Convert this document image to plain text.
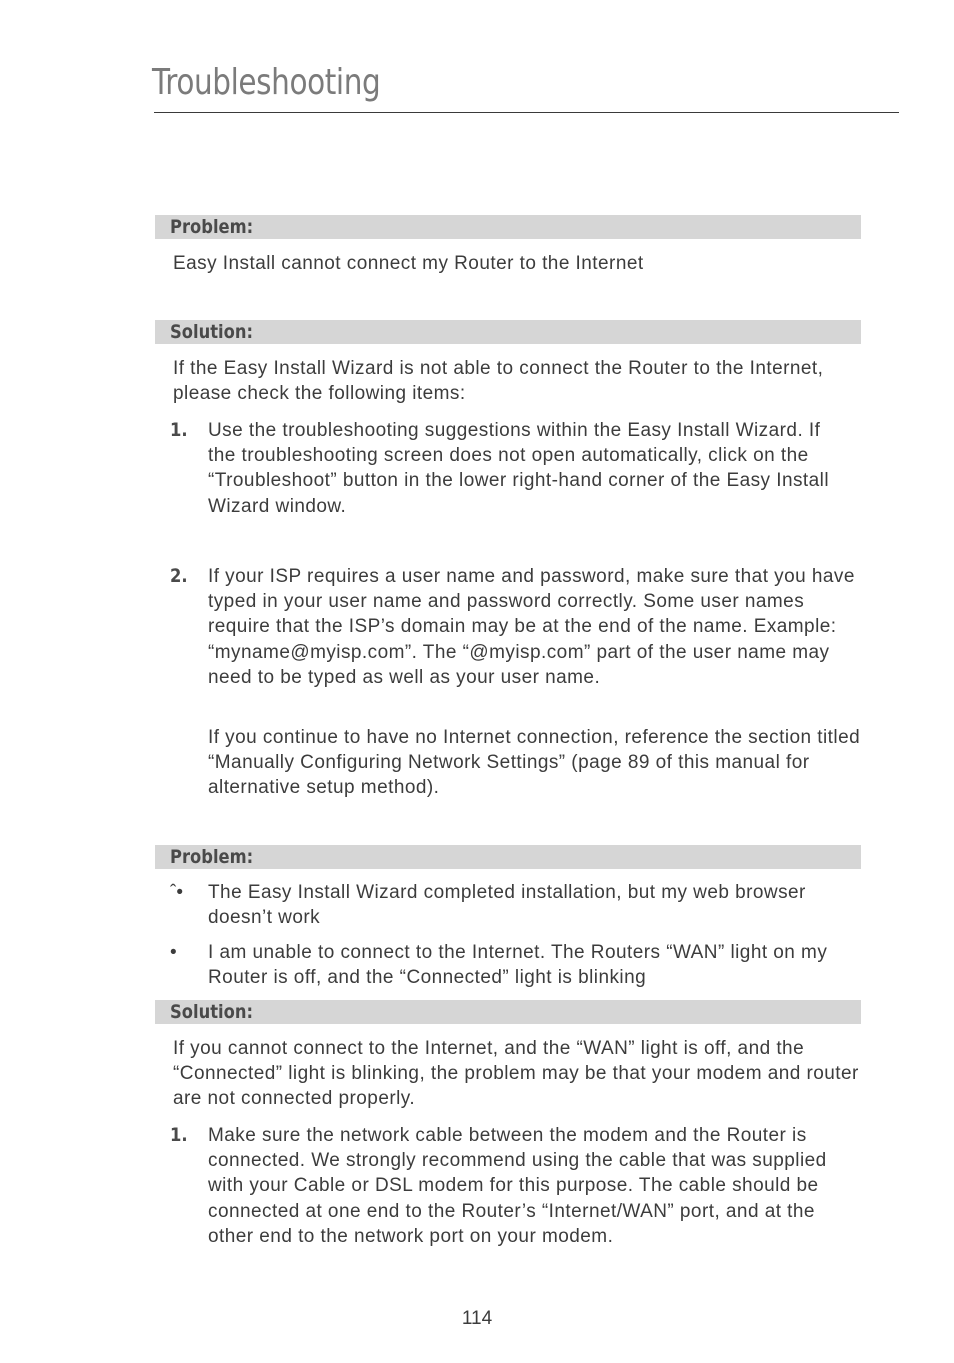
Troubleshooting
Problem:

Easy Install cannot connect my Router to the Internet

Solution:

If the Easy Install Wizard is not able to connect the Router to the Internet, please check the following items:

1. Use the troubleshooting suggestions within the Easy Install Wizard. If the troubleshooting screen does not open automatically, click on the “Troubleshoot” button in the lower right-hand corner of the Easy Install Wizard window.

2. If your ISP requires a user name and password, make sure that you have typed in your user name and password correctly. Some user names require that the ISP’s domain may be at the end of the name. Example: “myname@myisp.com”. The “@myisp.com” part of the user name may need to be typed as well as your user name.

If you continue to have no Internet connection, reference the section titled “Manually Configuring Network Settings” (page 89 of this manual for alternative setup method).

Problem:
ˆ• The Easy Install Wizard completed installation, but my web browser doesn’t work

• I am unable to connect to the Internet. The Routers “WAN” light on my Router is off, and the “Connected” light is blinking

Solution:

If you cannot connect to the Internet, and the “WAN” light is off, and the “Connected” light is blinking, the problem may be that your modem and router are not connected properly.

1. Make sure the network cable between the modem and the Router is connected. We strongly recommend using the cable that was supplied with your Cable or DSL modem for this purpose. The cable should be connected at one end to the Router’s “Internet/WAN” port, and at the other end to the network port on your modem.

114
